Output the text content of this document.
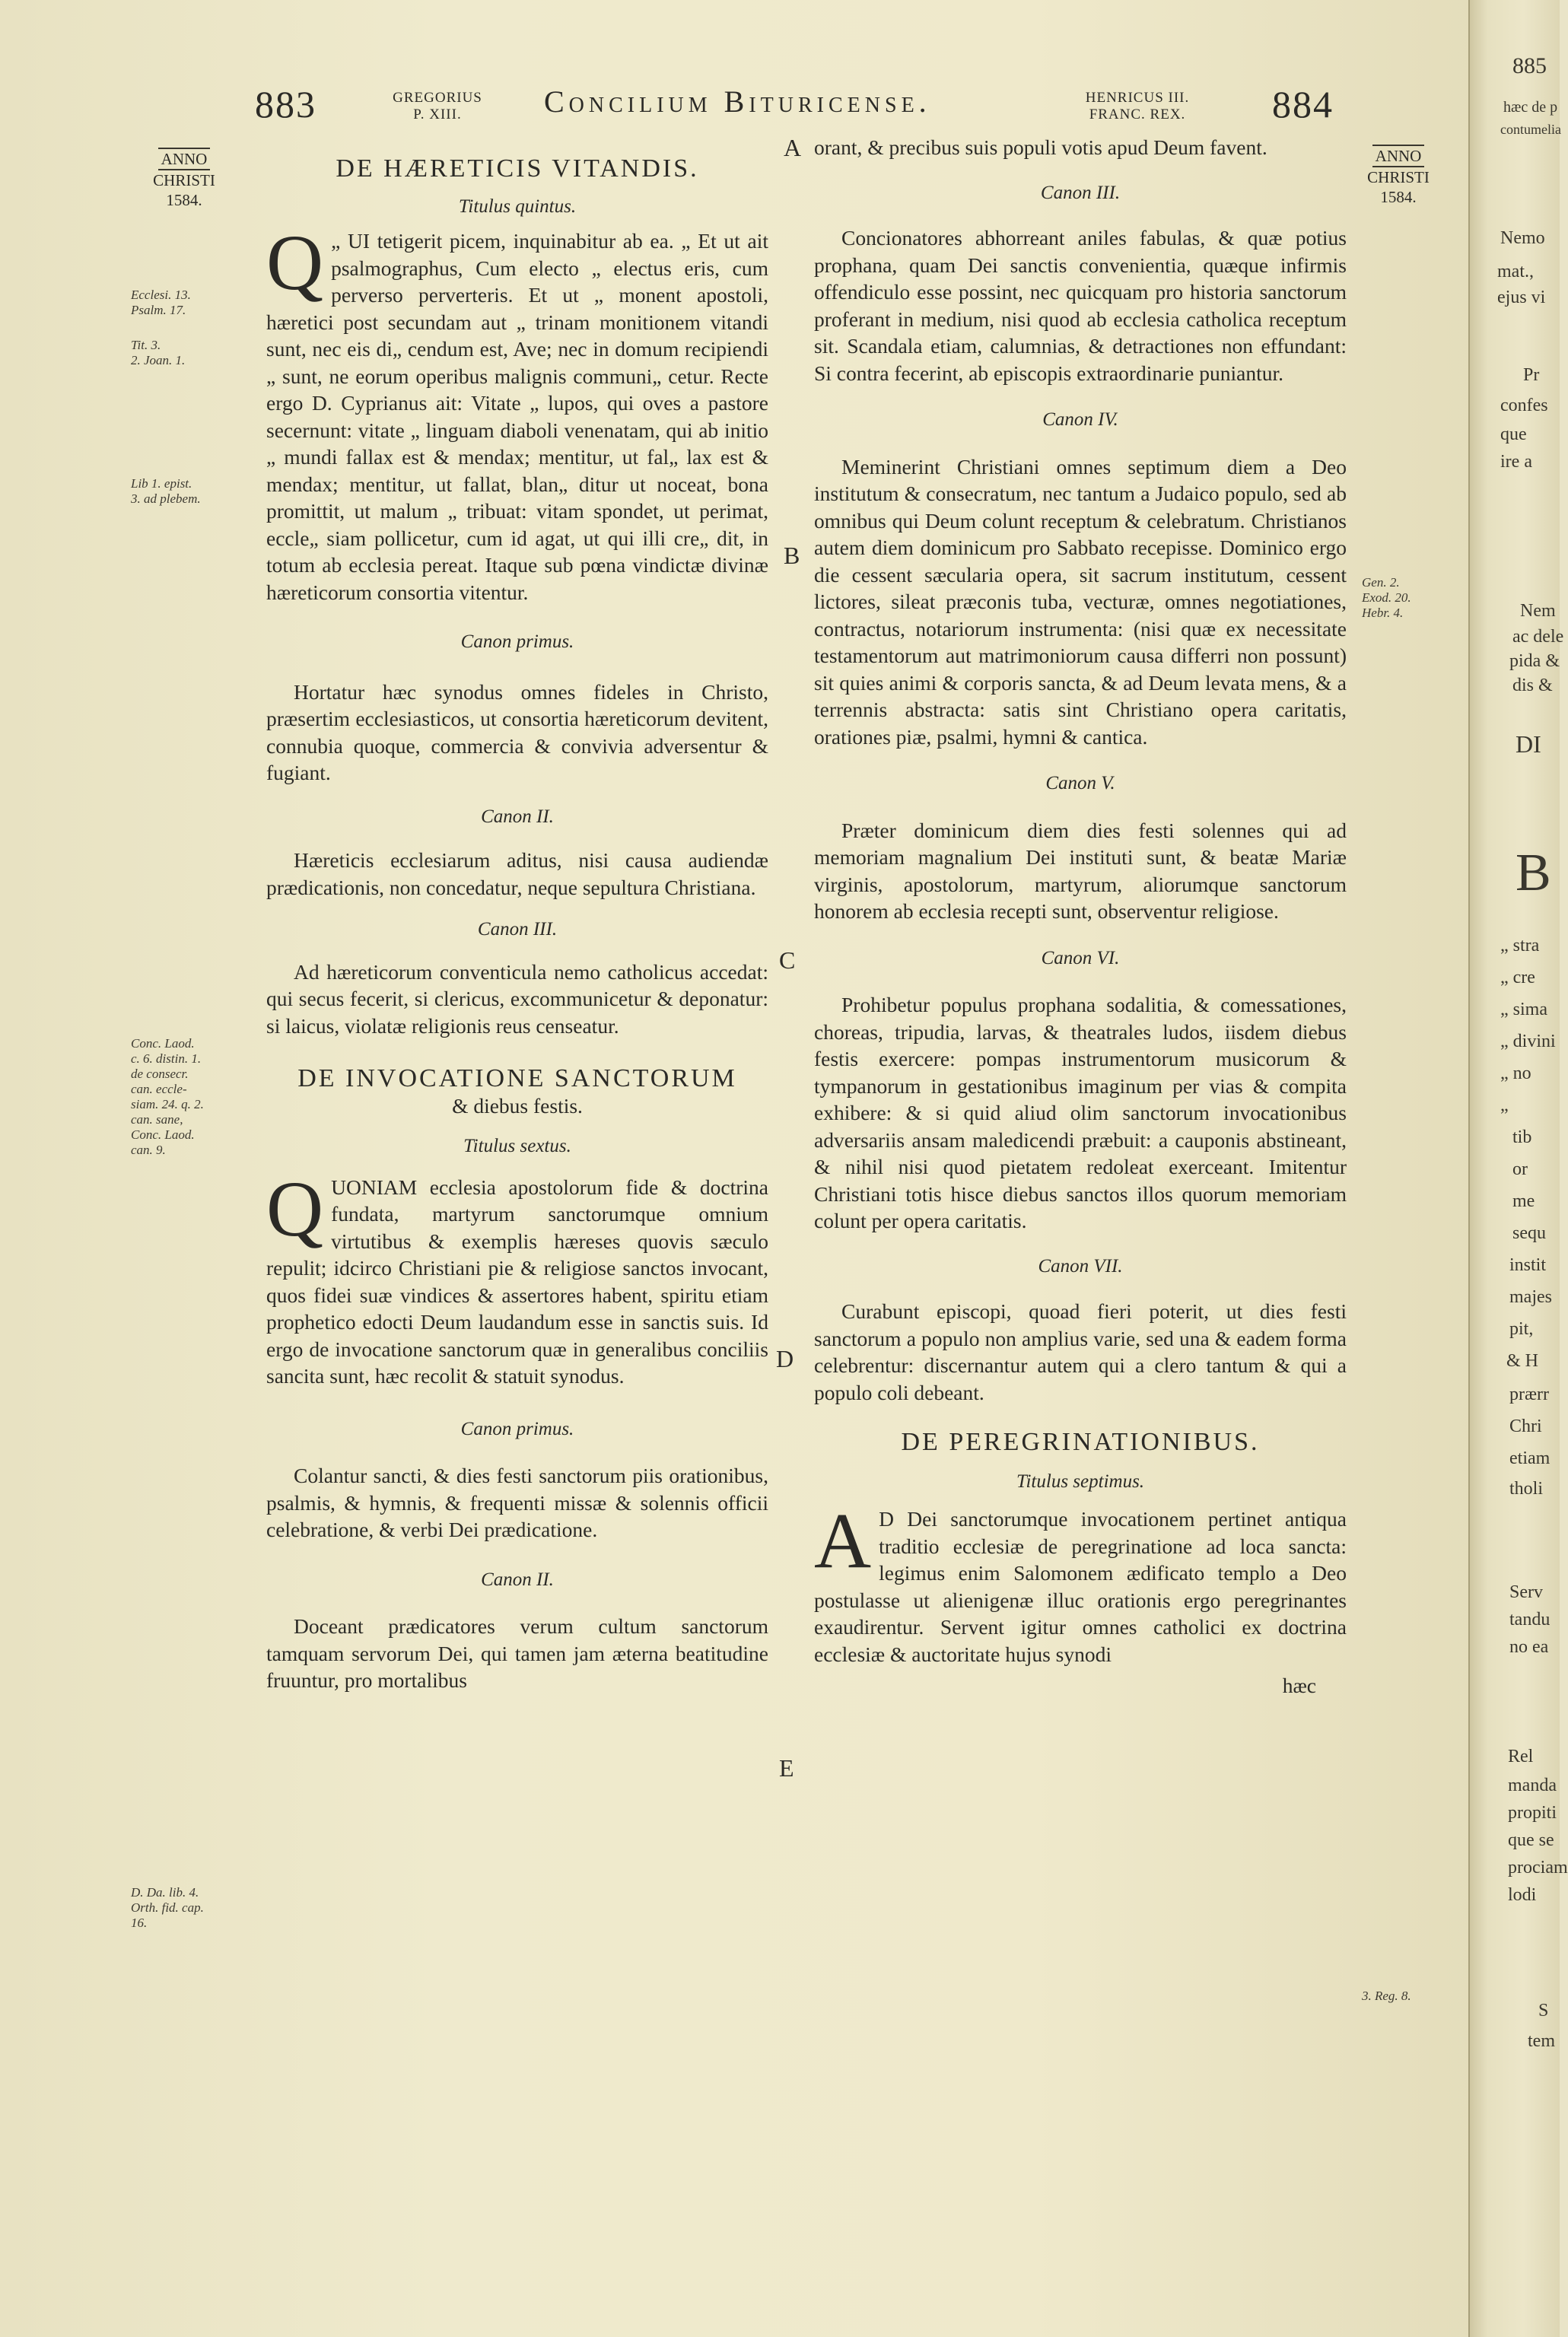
883	GREGORIUS
P. XIII.	Concilium Bituricense.	HENRICUS III.
FRANC. REX.	884
ANNO
CHRISTI
1584.
ANNO
CHRISTI
1584.
A
B
C
D
E
Ecclesi. 13.
Psalm. 17.
Tit. 3.
2. Joan. 1.
Lib 1. epist.
3. ad plebem.
Conc. Laod.
c. 6. distin. 1.
de consecr.
can. eccle-
siam. 24. q. 2.
can. sane,
Conc. Laod.
can. 9.
D. Da. lib. 4.
Orth. fid. cap.
16.
Gen. 2.
Exod. 20.
Hebr. 4.
3. Reg. 8.
DE HÆRETICIS VITANDIS.
Titulus quintus.

Q „ UI tetigerit picem, inquinabitur ab ea. „ Et ut ait psalmographus, Cum electo „ electus eris, cum perverso perverteris. Et ut „ monent apostoli, hæretici post secundam aut „ trinam monitionem vitandi sunt, nec eis di„ cendum est, Ave; nec in domum recipiendi „ sunt, ne eorum operibus malignis communi„ cetur. Recte ergo D. Cyprianus ait: Vitate „ lupos, qui oves a pastore secernunt: vitate „ linguam diaboli venenatam, qui ab initio „ mundi fallax est & mendax; mentitur, ut fal„ lax est & mendax; mentitur, ut fallat, blan„ ditur ut noceat, bona promittit, ut malum „ tribuat: vitam spondet, ut perimat, eccle„ siam pollicetur, cum id agat, ut qui illi cre„ dit, in totum ab ecclesia pereat. Itaque sub pœna vindictæ divinæ hæreticorum consortia vitentur.

Canon primus.

Hortatur hæc synodus omnes fideles in Christo, præsertim ecclesiasticos, ut consortia hæreticorum devitent, connubia quoque, commercia & convivia adversentur & fugiant.

Canon II.

Hæreticis ecclesiarum aditus, nisi causa audiendæ prædicationis, non concedatur, neque sepultura Christiana.

Canon III.

Ad hæreticorum conventicula nemo catholicus accedat: qui secus fecerit, si clericus, excommunicetur & deponatur: si laicus, violatæ religionis reus censeatur.

DE INVOCATIONE SANCTORUM
& diebus festis.
Titulus sextus.

QUONIAM ecclesia apostolorum fide & doctrina fundata, martyrum sanctorumque omnium virtutibus & exemplis hæreses quovis sæculo repulit; idcirco Christiani pie & religiose sanctos invocant, quos fidei suæ vindices & assertores habent, spiritu etiam prophetico edocti Deum laudandum esse in sanctis suis. Id ergo de invocatione sanctorum quæ in generalibus conciliis sancita sunt, hæc recolit & statuit synodus.

Canon primus.

Colantur sancti, & dies festi sanctorum piis orationibus, psalmis, & hymnis, & frequenti missæ & solennis officii celebratione, & verbi Dei prædicatione.

Canon II.

Doceant prædicatores verum cultum sanctorum tamquam servorum Dei, qui tamen jam æterna beatitudine fruuntur, pro mortalibus

orant, & precibus suis populi votis apud Deum favent.

Canon III.

Concionatores abhorreant aniles fabulas, & quæ potius prophana, quam Dei sanctis convenientia, quæque infirmis offendiculo esse possint, nec quicquam pro historia sanctorum proferant in medium, nisi quod ab ecclesia catholica receptum sit. Scandala etiam, calumnias, & detractiones non effundant: Si contra fecerint, ab episcopis extraordinarie puniantur.

Canon IV.

Meminerint Christiani omnes septimum diem a Deo institutum & consecratum, nec tantum a Judaico populo, sed ab omnibus qui Deum colunt receptum & celebratum. Christianos autem diem dominicum pro Sabbato recepisse. Dominico ergo die cessent sæcularia opera, sit sacrum institutum, cessent lictores, sileat præconis tuba, vecturæ, omnes negotiationes, contractus, notariorum instrumenta: (nisi quæ ex necessitate testamentorum aut matrimoniorum causa differri non possunt) sit quies animi & corporis sancta, & ad Deum levata mens, & a terrennis abstracta: satis sint Christiano opera caritatis, orationes piæ, psalmi, hymni & cantica.

Canon V.

Præter dominicum diem dies festi solennes qui ad memoriam magnalium Dei instituti sunt, & beatæ Mariæ virginis, apostolorum, martyrum, aliorumque sanctorum honorem ab ecclesia recepti sunt, observentur religiose.

Canon VI.

Prohibetur populus prophana sodalitia, & comessationes, choreas, tripudia, larvas, & theatrales ludos, iisdem diebus festis exercere: pompas instrumentorum musicorum & tympanorum in gestationibus imaginum per vias & compita exhibere: & si quid aliud olim sanctorum invocationibus adversariis ansam maledicendi præbuit: a cauponis abstineant, & nihil nisi quod pietatem redoleat exerceant. Imitentur Christiani totis hisce diebus sanctos illos quorum memoriam colunt per opera caritatis.

Canon VII.

Curabunt episcopi, quoad fieri poterit, ut dies festi sanctorum a populo non amplius varie, sed una & eadem forma celebrentur: discernantur autem qui a clero tantum & qui a populo coli debeant.

DE PEREGRINATIONIBUS.
Titulus septimus.

A D Dei sanctorumque invocationem pertinet antiqua traditio ecclesiæ de peregrinatione ad loca sancta: legimus enim Salomonem ædificato templo a Deo postulasse ut alienigenæ illuc orationis ergo peregrinantes exaudirentur. Servent igitur omnes catholici ex doctrina ecclesiæ & auctoritate hujus synodi

hæc
885
hæc de p
contumelia
Nemo
mat.,
ejus vi
Pr
confes
que
ire a
Nem
ac dele
pida &
dis &
DI
B
„ stra
„ cre
„ sima
„ divini
„ no
„
tib
or
me
sequ
instit
majes
pit,
& H
prærr
Chri
etiam
tholi
Serv
tandu
no ea
Rel
manda
propiti
que se
prociam
lodi
S
tem
